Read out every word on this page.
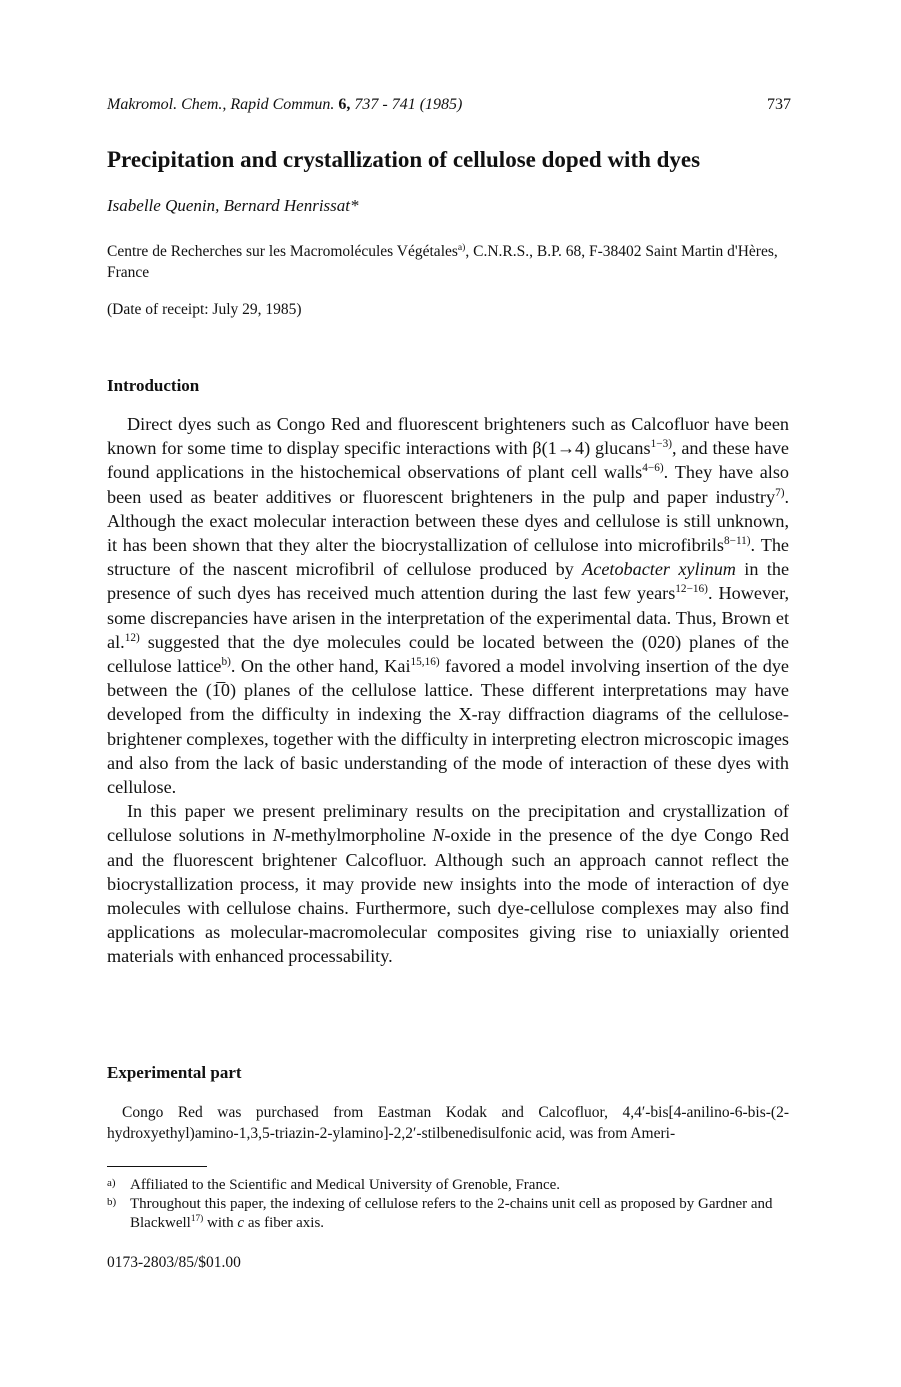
Makromol. Chem., Rapid Commun. 6, 737 - 741 (1985)	737
Precipitation and crystallization of cellulose doped with dyes
Isabelle Quenin, Bernard Henrissat*
Centre de Recherches sur les Macromolécules Végétales$^{a)}$, C.N.R.S., B.P. 68, F-38402 Saint Martin d'Hères, France
(Date of receipt: July 29, 1985)
Introduction

Direct dyes such as Congo Red and fluorescent brighteners such as Calcofluor have been known for some time to display specific interactions with β(1→4) glucans$^{1-3)}$, and these have found applications in the histochemical observations of plant cell walls$^{4-6)}$. They have also been used as beater additives or fluorescent brighteners in the pulp and paper industry$^{7)}$. Although the exact molecular interaction between these dyes and cellulose is still unknown, it has been shown that they alter the biocrystallization of cellulose into microfibrils$^{8-11)}$. The structure of the nascent microfibril of cellulose produced by Acetobacter xylinum in the presence of such dyes has received much attention during the last few years$^{12-16)}$. However, some discrepancies have arisen in the interpretation of the experimental data. Thus, Brown et al.$^{12)}$ suggested that the dye molecules could be located between the (020) planes of the cellulose lattice$^{b)}$. On the other hand, Kai$^{15,16)}$ favored a model involving insertion of the dye between the (1̅0) planes of the cellulose lattice. These different interpretations may have developed from the difficulty in indexing the X-ray diffraction diagrams of the cellulose-brightener complexes, together with the difficulty in interpreting electron microscopic images and also from the lack of basic understanding of the mode of interaction of these dyes with cellulose.

In this paper we present preliminary results on the precipitation and crystallization of cellulose solutions in N-methylmorpholine N-oxide in the presence of the dye Congo Red and the fluorescent brightener Calcofluor. Although such an approach cannot reflect the biocrystallization process, it may provide new insights into the mode of interaction of dye molecules with cellulose chains. Furthermore, such dye-cellulose complexes may also find applications as molecular-macromolecular composites giving rise to uniaxially oriented materials with enhanced processability.

Experimental part

Congo Red was purchased from Eastman Kodak and Calcofluor, 4,4′-bis[4-anilino-6-bis-(2-hydroxyethyl)amino-1,3,5-triazin-2-ylamino]-2,2′-stilbenedisulfonic acid, was from Ameri-

a) Affiliated to the Scientific and Medical University of Grenoble, France.
b) Throughout this paper, the indexing of cellulose refers to the 2-chains unit cell as proposed by Gardner and Blackwell$^{17)}$ with c as fiber axis.
0173-2803/85/$01.00
